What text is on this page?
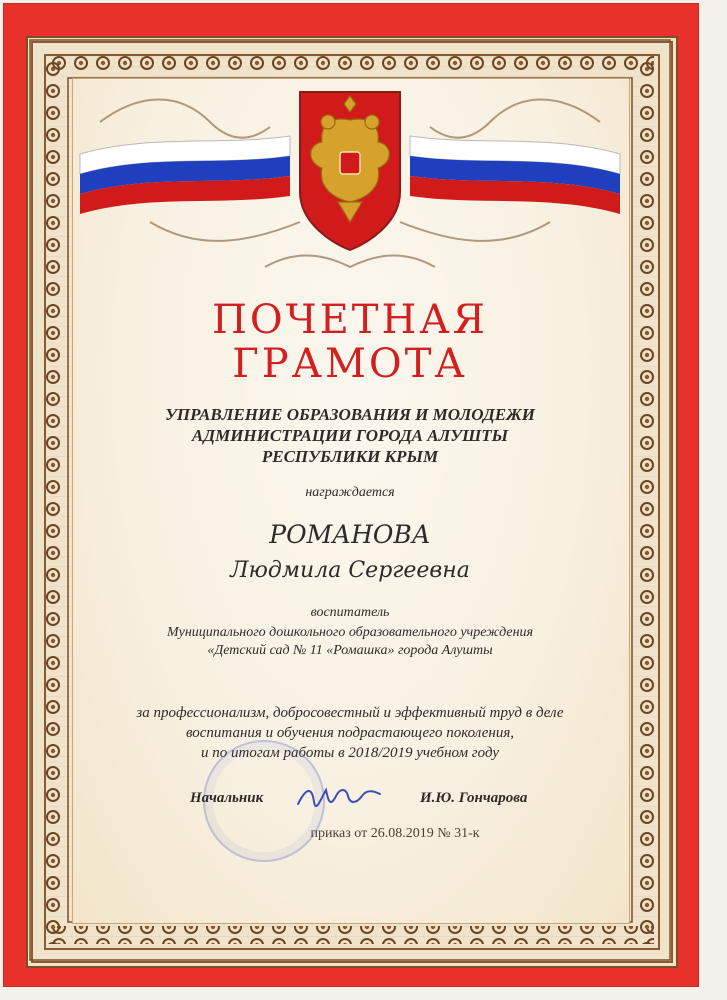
ПОЧЕТНАЯ
ГРАМОТА
УПРАВЛЕНИЕ ОБРАЗОВАНИЯ И МОЛОДЕЖИ
АДМИНИСТРАЦИИ ГОРОДА АЛУШТЫ
РЕСПУБЛИКИ КРЫМ
награждается
РОМАНОВА
Людмила Сергеевна
воспитатель
Муниципального дошкольного образовательного учреждения
«Детский сад № 11 «Ромашка» города Алушты
за профессионализм, добросовестный и эффективный труд в деле
воспитания и обучения подрастающего поколения,
и по итогам работы в 2018/2019 учебном году
Начальник	И.Ю. Гончарова
приказ от 26.08.2019 № 31-к
